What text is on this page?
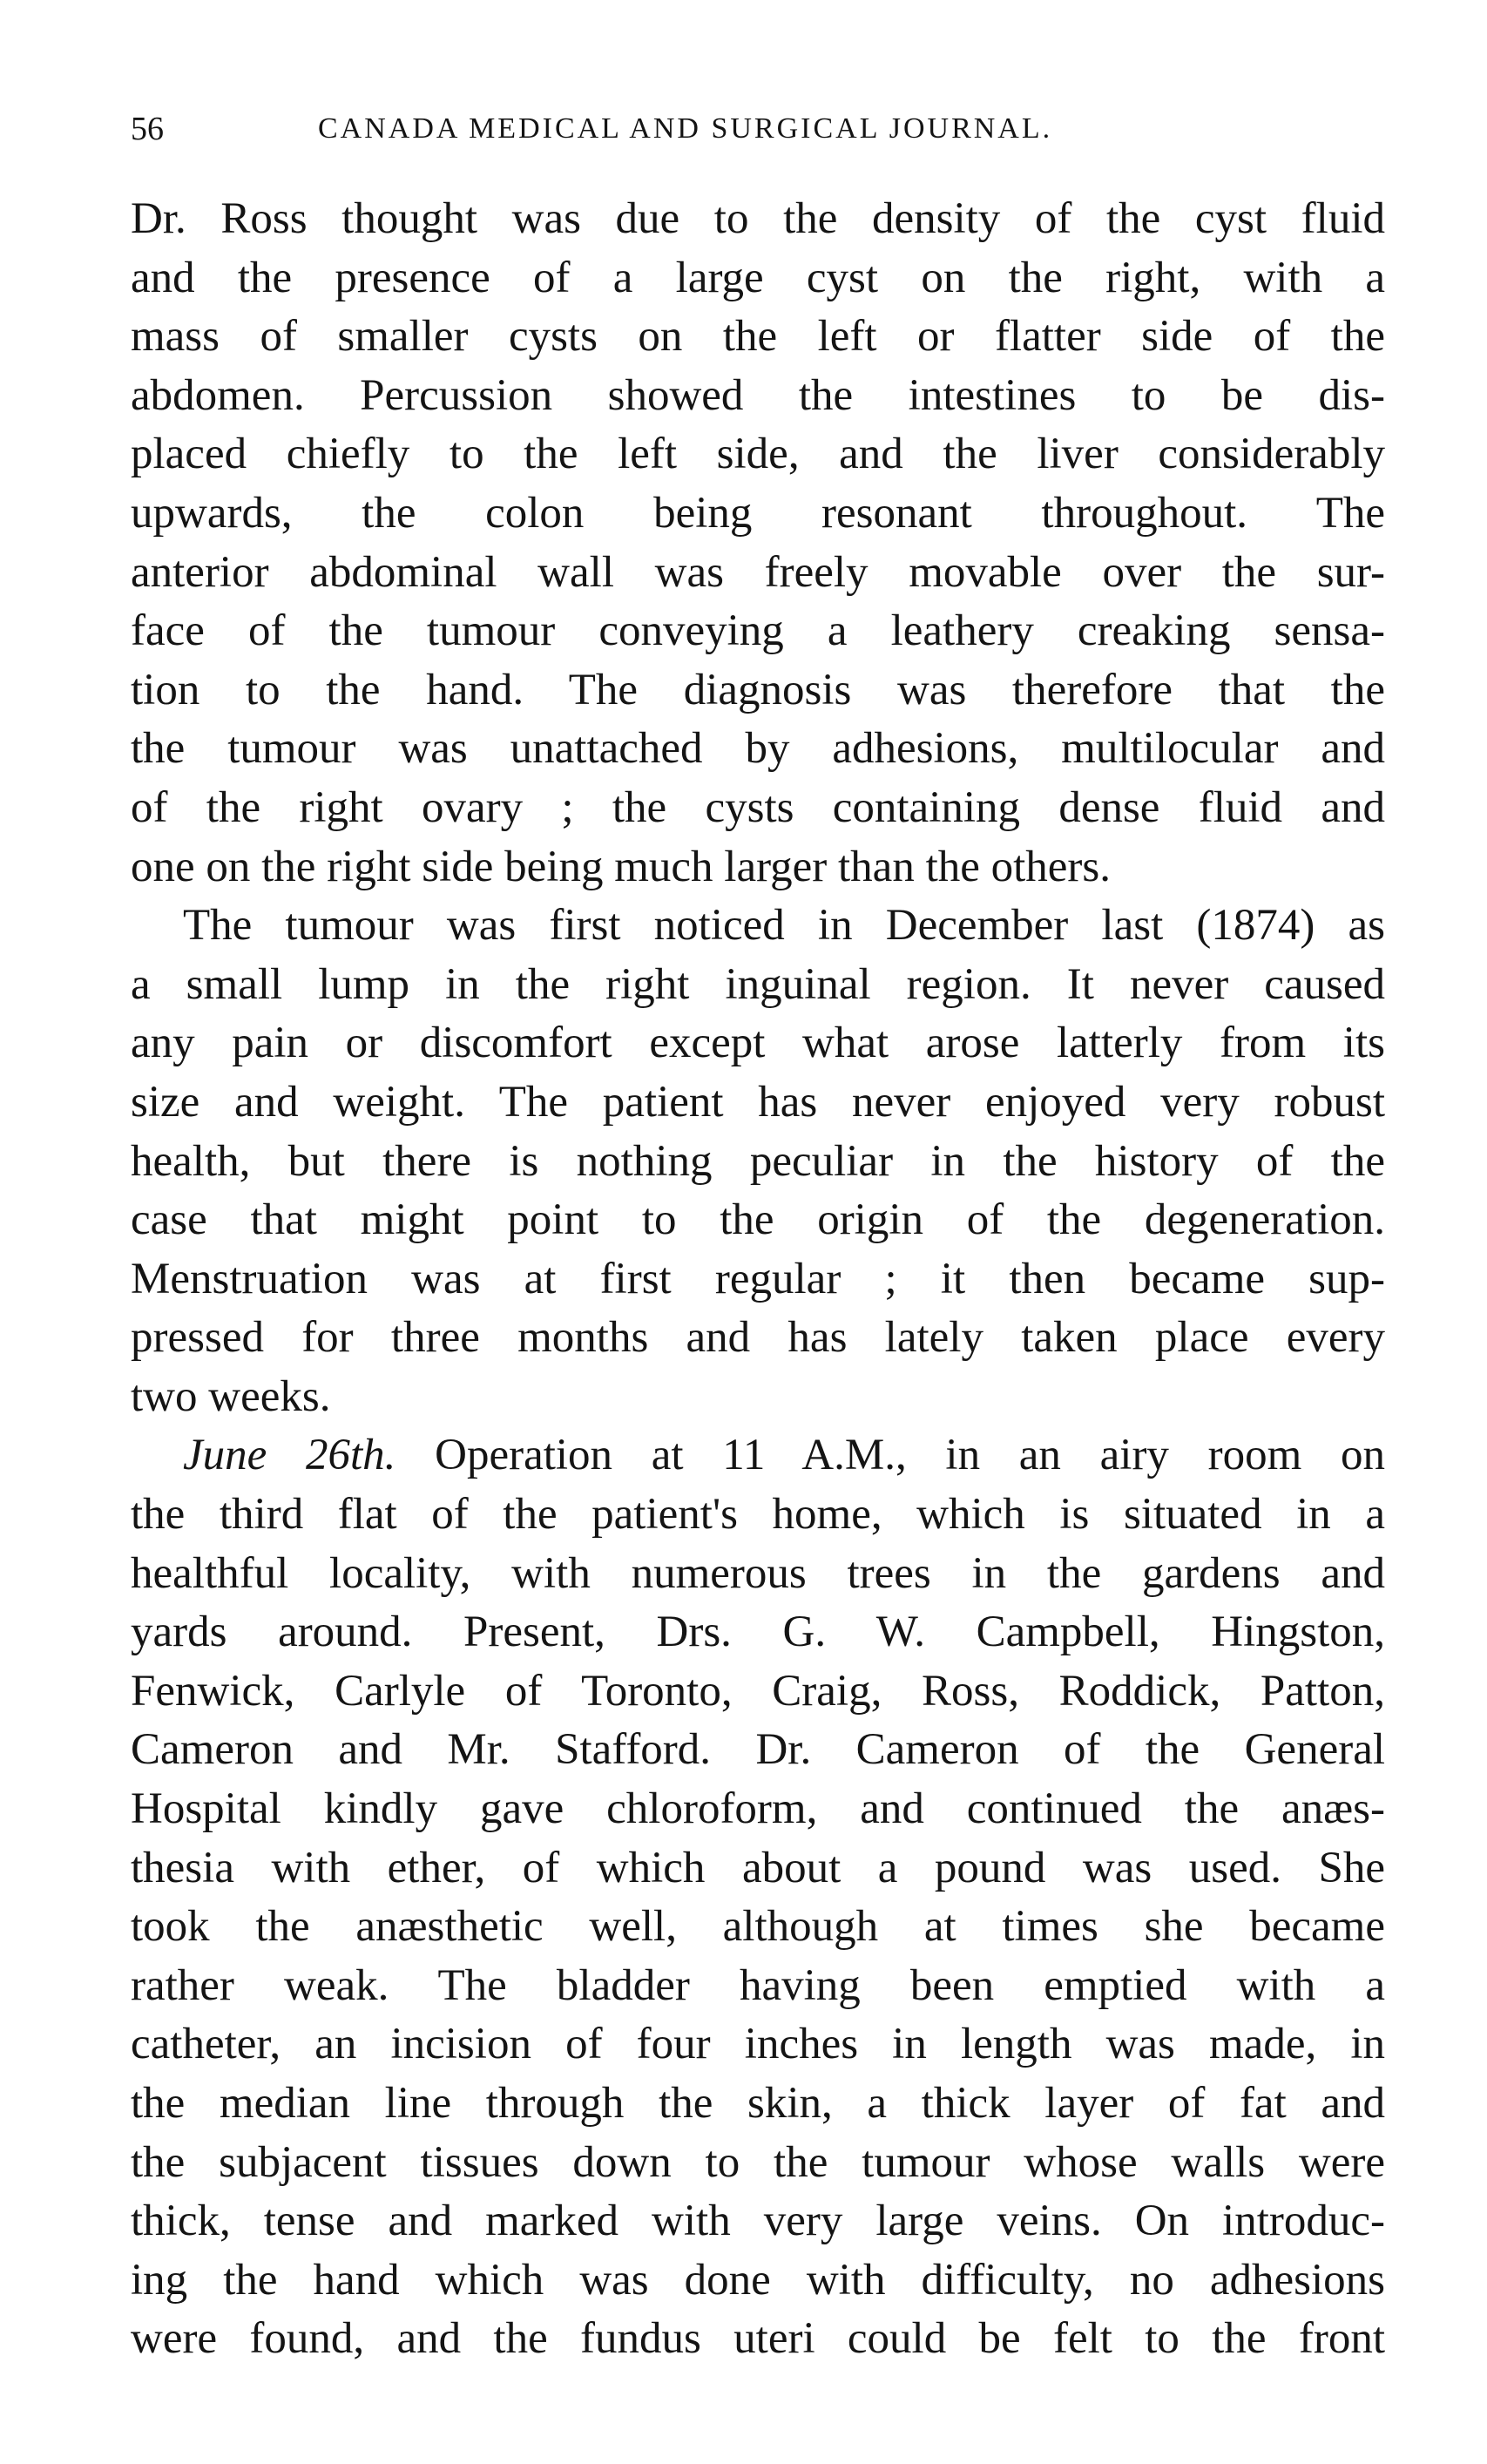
56	CANADA MEDICAL AND SURGICAL JOURNAL.
Dr. Ross thought was due to the density of the cyst fluid
and the presence of a large cyst on the right, with a
mass of smaller cysts on the left or flatter side of the
abdomen. Percussion showed the intestines to be dis-
placed chiefly to the left side, and the liver considerably
upwards, the colon being resonant throughout. The
anterior abdominal wall was freely movable over the sur-
face of the tumour conveying a leathery creaking sensa-
tion to the hand. The diagnosis was therefore that the
the tumour was unattached by adhesions, multilocular and
of the right ovary ; the cysts containing dense fluid and
one on the right side being much larger than the others.
The tumour was first noticed in December last (1874) as
a small lump in the right inguinal region. It never caused
any pain or discomfort except what arose latterly from its
size and weight. The patient has never enjoyed very robust
health, but there is nothing peculiar in the history of the
case that might point to the origin of the degeneration.
Menstruation was at first regular ; it then became sup-
pressed for three months and has lately taken place every
two weeks.
June 26th. Operation at 11 A.M., in an airy room on
the third flat of the patient's home, which is situated in a
healthful locality, with numerous trees in the gardens and
yards around. Present, Drs. G. W. Campbell, Hingston,
Fenwick, Carlyle of Toronto, Craig, Ross, Roddick, Patton,
Cameron and Mr. Stafford. Dr. Cameron of the General
Hospital kindly gave chloroform, and continued the anæs-
thesia with ether, of which about a pound was used. She
took the anæsthetic well, although at times she became
rather weak. The bladder having been emptied with a
catheter, an incision of four inches in length was made, in
the median line through the skin, a thick layer of fat and
the subjacent tissues down to the tumour whose walls were
thick, tense and marked with very large veins. On introduc-
ing the hand which was done with difficulty, no adhesions
were found, and the fundus uteri could be felt to the front
